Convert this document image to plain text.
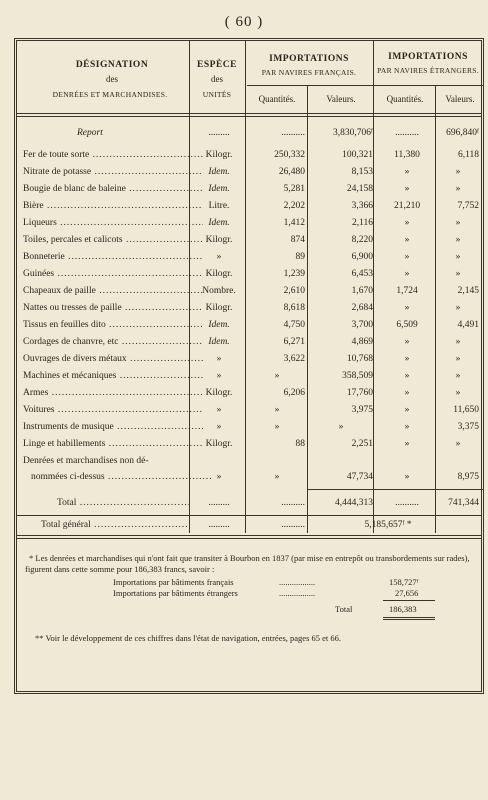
( 60 )
DÉSIGNATION
des
DENRÉES ET MARCHANDISES.
ESPÈCE
des
UNITÉS
IMPORTATIONS
PAR NAVIRES FRANÇAIS.
IMPORTATIONS
PAR NAVIRES ÉTRANGERS.
Quantités.	Valeurs.	Quantités.	Valeurs.
Report	.........	..........	3,830,706ᶠ	..........	696,840ᶠ
Fer de toute sorte .....	Kilogr.	250,332	100,321	11,380	6,118
Nitrate de potasse .....	Idem.	26,480	8,153	»	»
Bougie de blanc de baleine .....	Idem.	5,281	24,158	»	»
Bière .....	Litre.	2,202	3,366	21,210	7,752
Liqueurs .....	Idem.	1,412	2,116	»	»
Toiles, percales et calicots .....	Kilogr.	874	8,220	»	»
Bonneterie .....	»	89	6,900	»	»
Guinées .....	Kilogr.	1,239	6,453	»	»
Chapeaux de paille .....	Nombre.	2,610	1,670	1,724	2,145
Nattes ou tresses de paille .....	Kilogr.	8,618	2,684	»	»
Tissus en feuilles dito .....	Idem.	4,750	3,700	6,509	4,491
Cordages de chanvre, etc .....	Idem.	6,271	4,869	»	»
Ouvrages de divers métaux .....	»	3,622	10,768	»	»
Machines et mécaniques .....	»	»	358,509	»	»
Armes .....	Kilogr.	6,206	17,760	»	»
Voitures .....	»	»	3,975	»	11,650
Instruments de musique .....	»	»	»	»	3,375
Linge et habillements .....	Kilogr.	88	2,251	»	»
Denrées et marchandises non dé-
nommées ci-dessus .....	»	»	47,734	»	8,975
Total .....	.........	..........	4,444,313	..........	741,344
Total général .....	.........	..........	5,185,657ᶠ *
* Les denrées et marchandises qui n'ont fait que transiter à Bourbon en 1837 (par mise en entrepôt ou transbordements sur rades), figurent dans cette somme pour 186,383 francs, savoir :
Importations par bâtiments français	.................	158,727ᶠ
Importations par bâtiments étrangers	.................	27,656
Total	186,383
** Voir le développement de ces chiffres dans l'état de navigation, entrées, pages 65 et 66.
